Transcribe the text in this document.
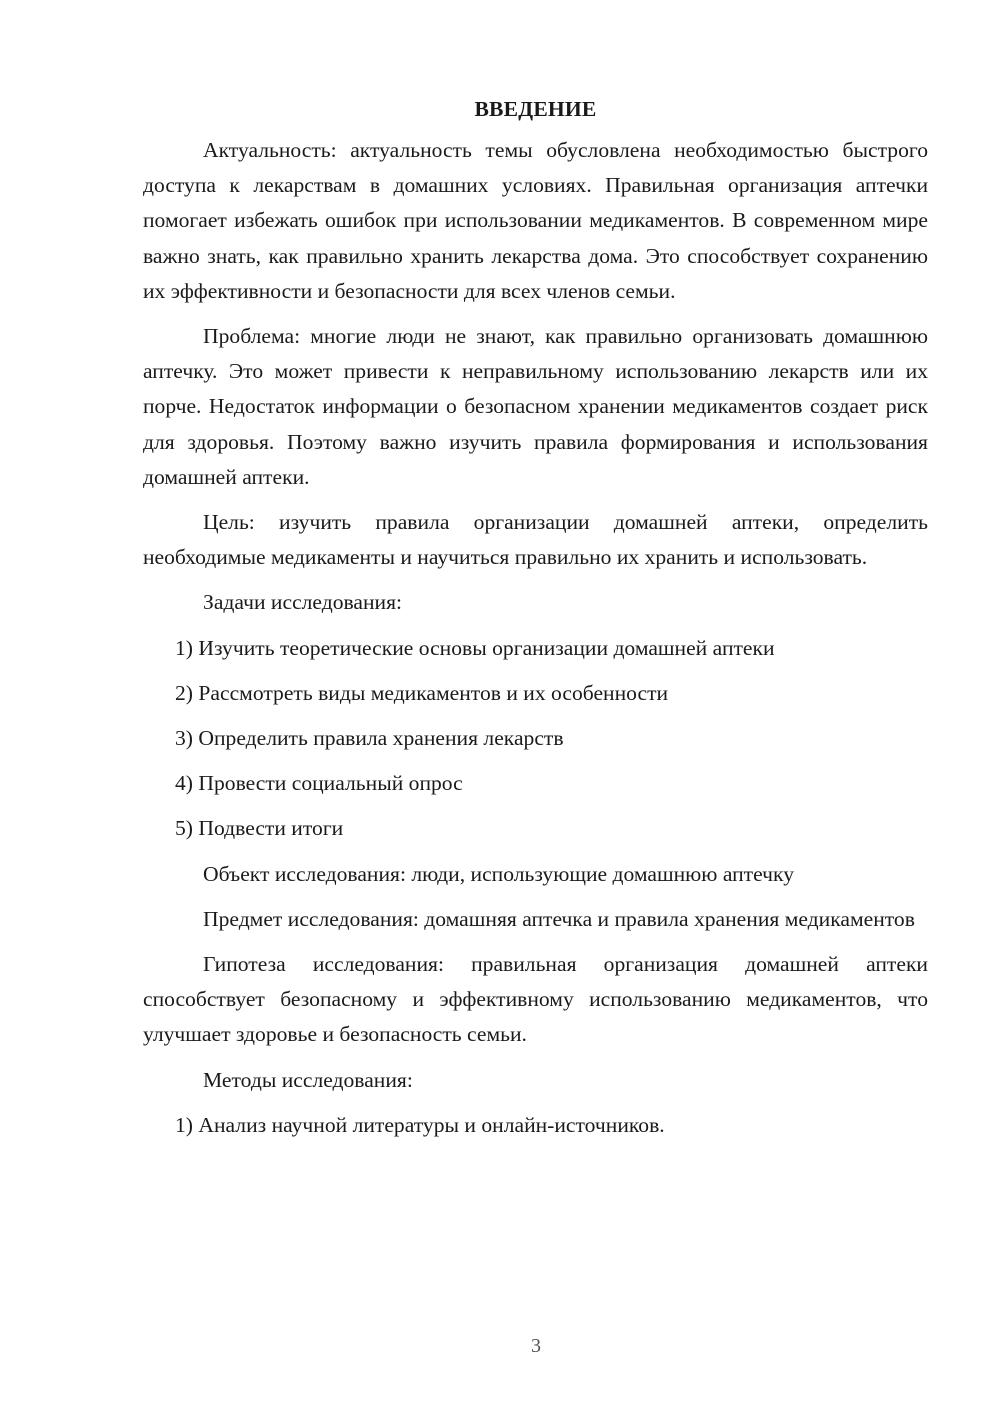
ВВЕДЕНИЕ

Актуальность: актуальность темы обусловлена необходимостью быстрого доступа к лекарствам в домашних условиях. Правильная организация аптечки помогает избежать ошибок при использовании медикаментов. В современном мире важно знать, как правильно хранить лекарства дома. Это способствует сохранению их эффективности и безопасности для всех членов семьи.

Проблема: многие люди не знают, как правильно организовать домашнюю аптечку. Это может привести к неправильному использованию лекарств или их порче. Недостаток информации о безопасном хранении медикаментов создает риск для здоровья. Поэтому важно изучить правила формирования и использования домашней аптеки.

Цель: изучить правила организации домашней аптеки, определить необходимые медикаменты и научиться правильно их хранить и использовать.

Задачи исследования:

1) Изучить теоретические основы организации домашней аптеки
2) Рассмотреть виды медикаментов и их особенности
3) Определить правила хранения лекарств
4) Провести социальный опрос
5) Подвести итоги

Объект исследования: люди, использующие домашнюю аптечку

Предмет исследования: домашняя аптечка и правила хранения медикаментов

Гипотеза исследования: правильная организация домашней аптеки способствует безопасному и эффективному использованию медикаментов, что улучшает здоровье и безопасность семьи.

Методы исследования:

1) Анализ научной литературы и онлайн-источников.
3
